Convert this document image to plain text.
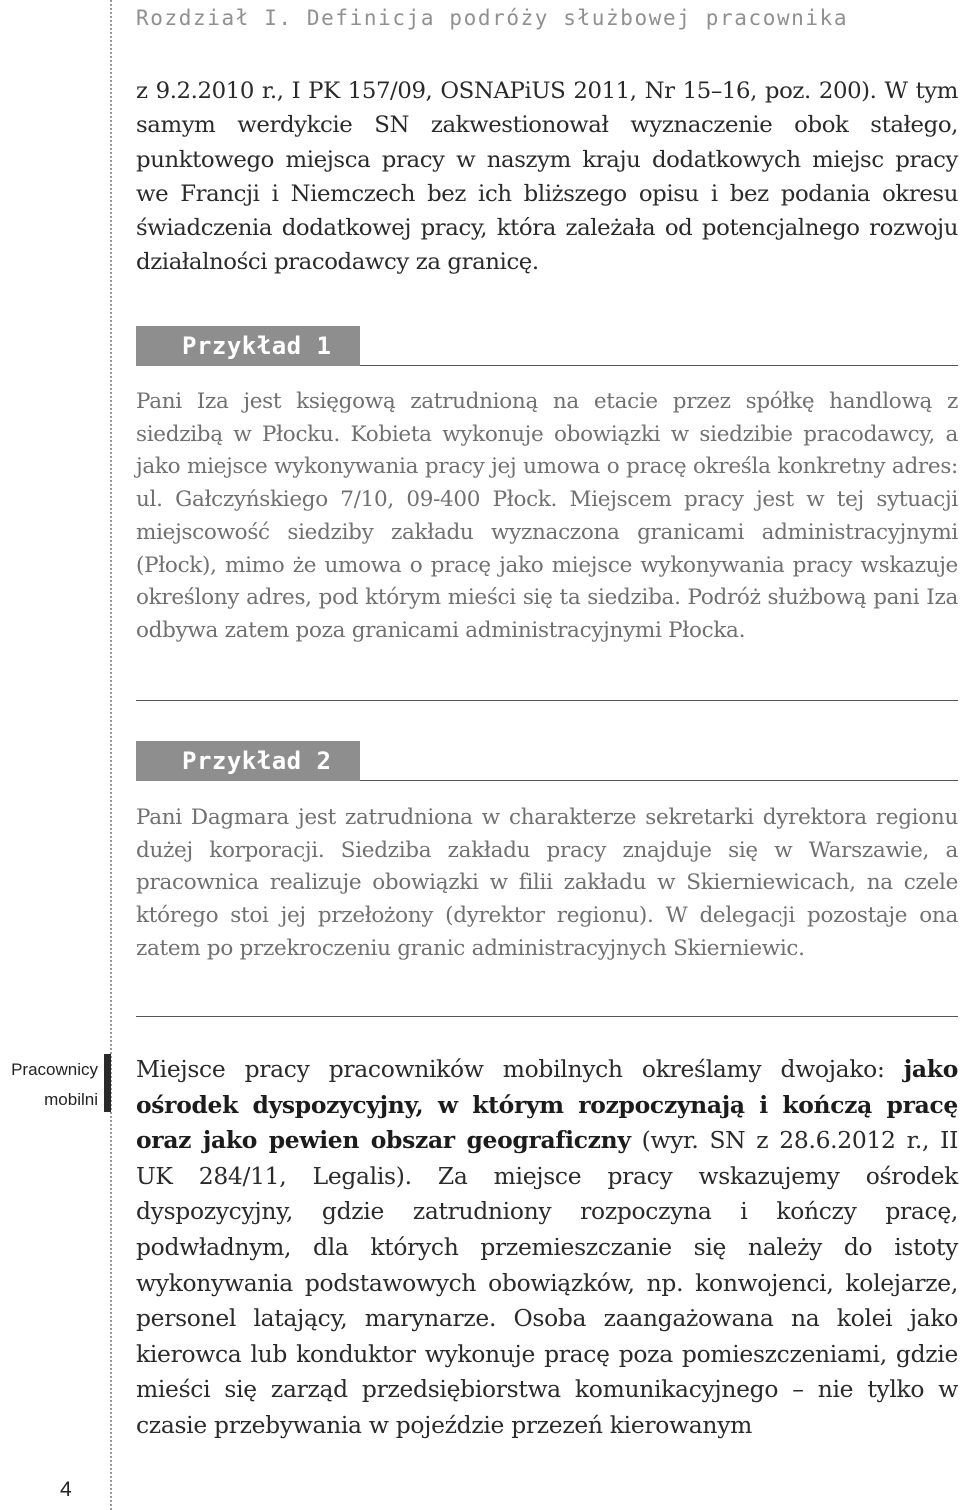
Rozdział I. Definicja podróży służbowej pracownika

z 9.2.2010 r., I PK 157/09, OSNAPiUS 2011, Nr 15–16, poz. 200). W tym samym werdykcie SN zakwestionował wyznaczenie obok stałego, punktowego miejsca pracy w naszym kraju dodatkowych miejsc pracy we Francji i Niemczech bez ich bliższego opisu i bez podania okresu świadczenia dodatkowej pracy, która zależała od potencjalnego rozwoju działalności pracodawcy za granicę.

Przykład 1

Pani Iza jest księgową zatrudnioną na etacie przez spółkę handlową z siedzibą w Płocku. Kobieta wykonuje obowiązki w siedzibie pracodawcy, a jako miejsce wykonywania pracy jej umowa o pracę określa konkretny adres: ul. Gałczyńskiego 7/10, 09-400 Płock. Miejscem pracy jest w tej sytuacji miejscowość siedziby zakładu wyznaczona granicami administracyjnymi (Płock), mimo że umowa o pracę jako miejsce wykonywania pracy wskazuje określony adres, pod którym mieści się ta siedziba. Podróż służbową pani Iza odbywa zatem poza granicami administracyjnymi Płocka.

Przykład 2

Pani Dagmara jest zatrudniona w charakterze sekretarki dyrektora regionu dużej korporacji. Siedziba zakładu pracy znajduje się w Warszawie, a pracownica realizuje obowiązki w filii zakładu w Skierniewicach, na czele którego stoi jej przełożony (dyrektor regionu). W delegacji pozostaje ona zatem po przekroczeniu granic administracyjnych Skierniewic.

Pracownicy
mobilni

Miejsce pracy pracowników mobilnych określamy dwojako: jako ośrodek dyspozycyjny, w którym rozpoczynają i kończą pracę oraz jako pewien obszar geograficzny (wyr. SN z 28.6.2012 r., II UK 284/11, Legalis). Za miejsce pracy wskazujemy ośrodek dyspozycyjny, gdzie zatrudniony rozpoczyna i kończy pracę, podwładnym, dla których przemieszczanie się należy do istoty wykonywania podstawowych obowiązków, np. konwojenci, kolejarze, personel latający, marynarze. Osoba zaangażowana na kolei jako kierowca lub konduktor wykonuje pracę poza pomieszczeniami, gdzie mieści się zarząd przedsiębiorstwa komunikacyjnego – nie tylko w czasie przebywania w pojeździe przezeń kierowanym

4
